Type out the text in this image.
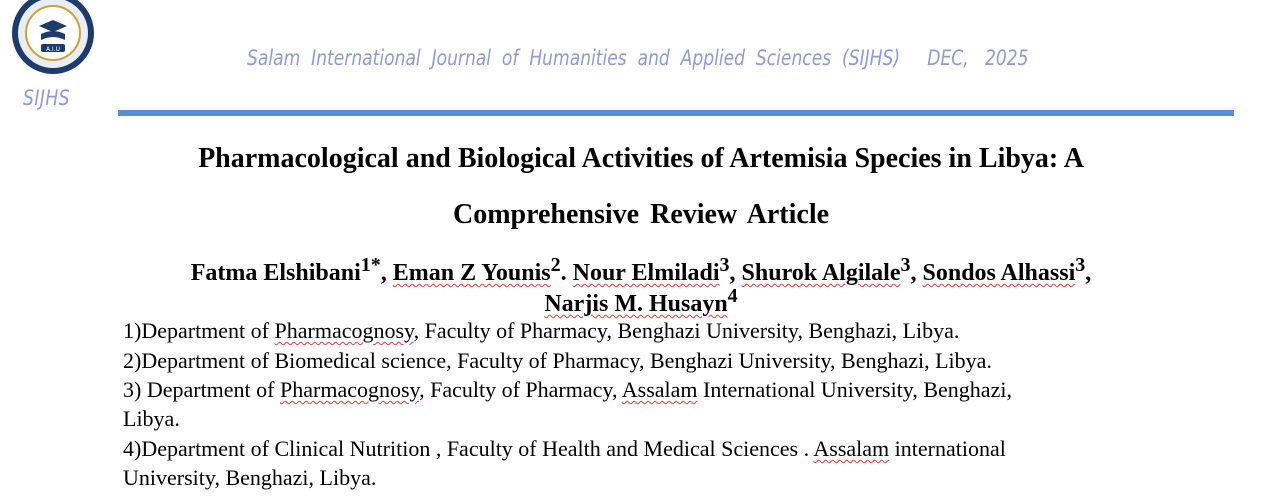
A.I.U
SIJHS
Salam  International  Journal  of  Humanities  and  Applied  Sciences  (SIJHS)     DEC,   2025
Pharmacological and Biological Activities of Artemisia Species in Libya: A
Comprehensive Review Article
Fatma Elshibani$^{1*}$, Eman Z Younis$^2$. Nour Elmiladi$^3$, Shurok Algilale$^3$, Sondos Alhassi$^3$,
Narjis M. Husayn$^4$
1)Department of Pharmacognosy, Faculty of Pharmacy, Benghazi University, Benghazi, Libya.
2)Department of Biomedical science, Faculty of Pharmacy, Benghazi University, Benghazi, Libya.
3) Department of Pharmacognosy, Faculty of Pharmacy, Assalam International University, Benghazi,
Libya.
4)Department of Clinical Nutrition , Faculty of Health and Medical Sciences . Assalam international
University, Benghazi, Libya.
